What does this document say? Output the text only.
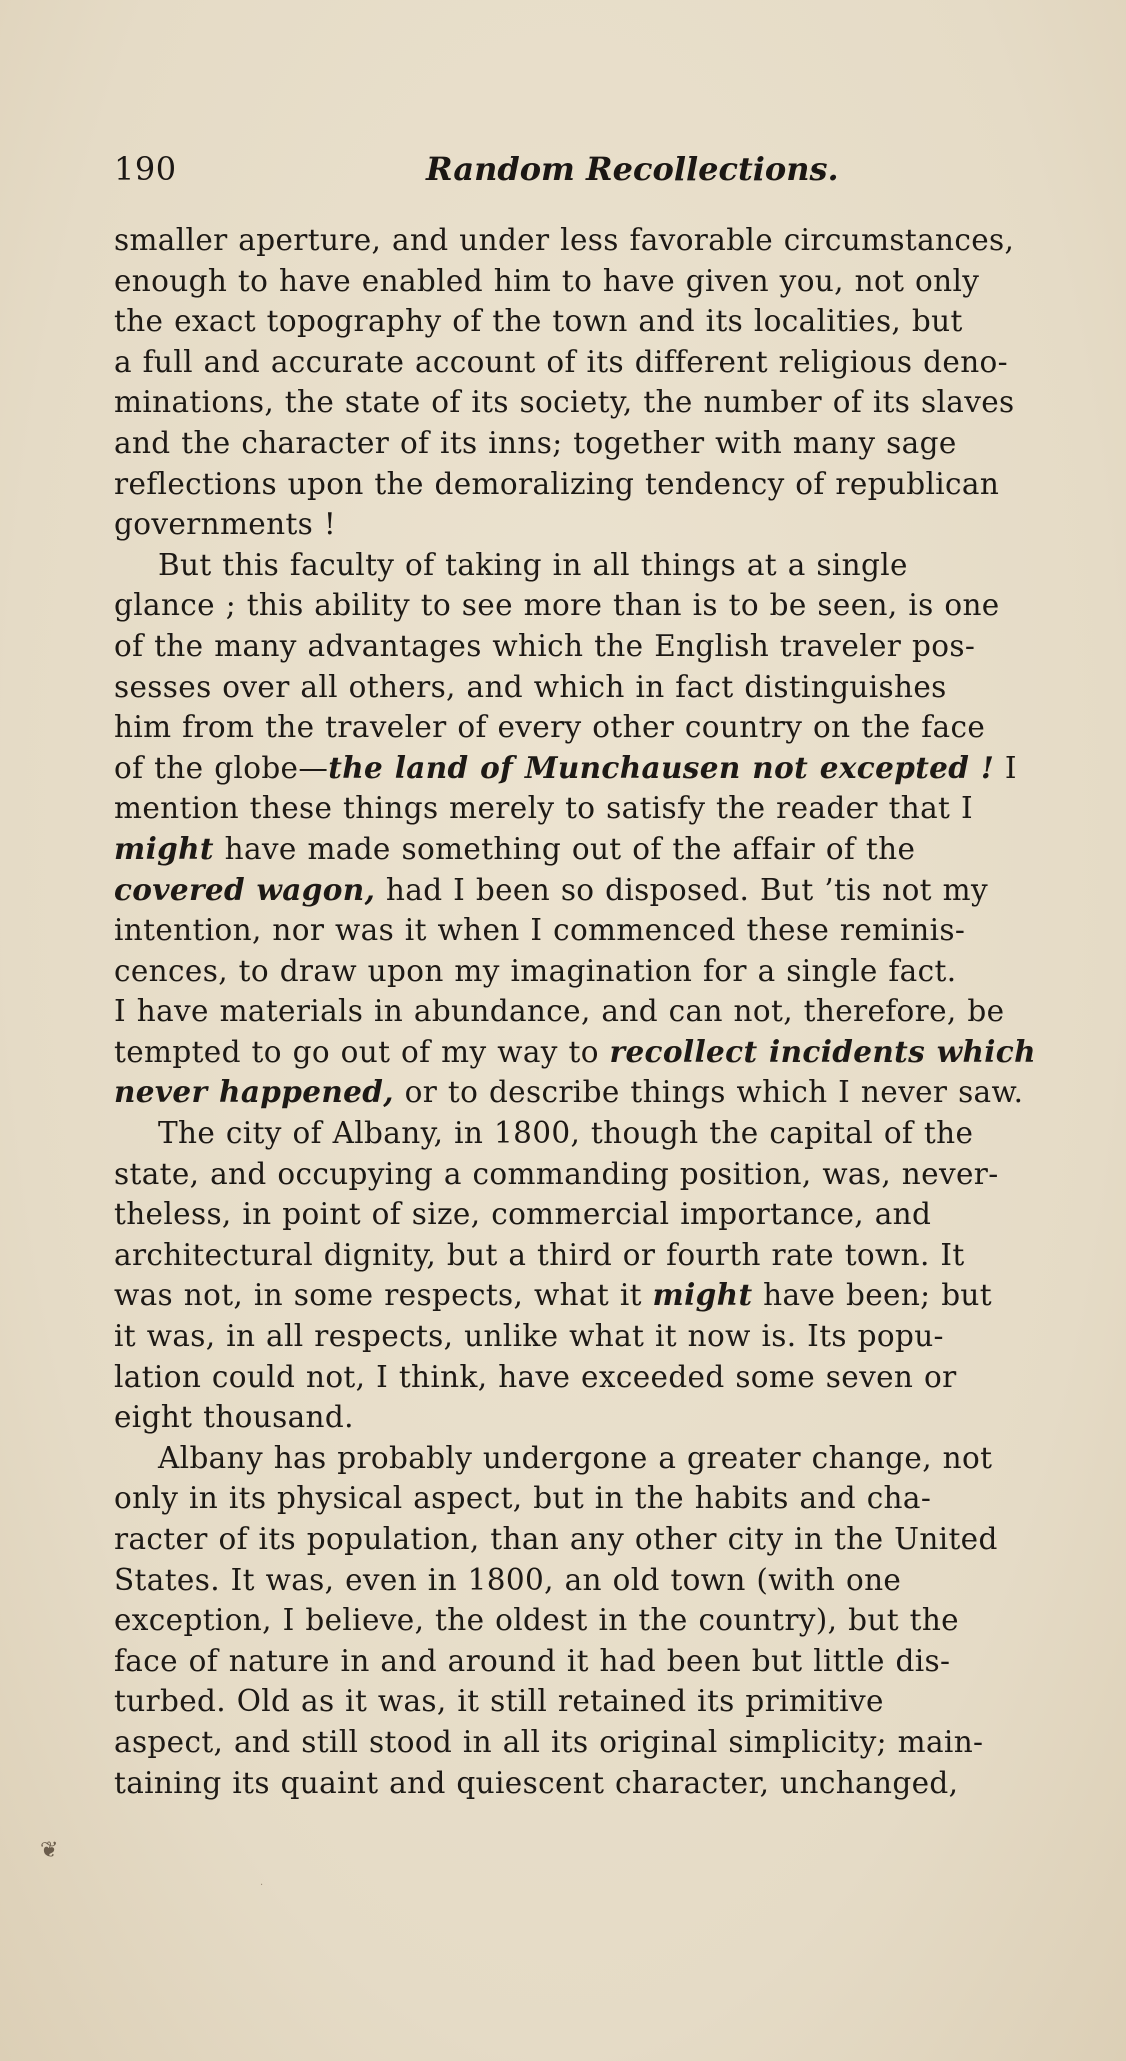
190	Random Recollections.
smaller aperture, and under less favorable circumstances,
enough to have enabled him to have given you, not only
the exact topography of the town and its localities, but
a full and accurate account of its different religious deno-
minations, the state of its society, the number of its slaves
and the character of its inns; together with many sage
reflections upon the demoralizing tendency of republican
governments !
But this faculty of taking in all things at a single
glance ; this ability to see more than is to be seen, is one
of the many advantages which the English traveler pos-
sesses over all others, and which in fact distinguishes
him from the traveler of every other country on the face
of the globe—the land of Munchausen not excepted ! I
mention these things merely to satisfy the reader that I
might have made something out of the affair of the
covered wagon, had I been so disposed. But ’tis not my
intention, nor was it when I commenced these reminis-
cences, to draw upon my imagination for a single fact.
I have materials in abundance, and can not, therefore, be
tempted to go out of my way to recollect incidents which
never happened, or to describe things which I never saw.
The city of Albany, in 1800, though the capital of the
state, and occupying a commanding position, was, never-
theless, in point of size, commercial importance, and
architectural dignity, but a third or fourth rate town. It
was not, in some respects, what it might have been; but
it was, in all respects, unlike what it now is. Its popu-
lation could not, I think, have exceeded some seven or
eight thousand.
Albany has probably undergone a greater change, not
only in its physical aspect, but in the habits and cha-
racter of its population, than any other city in the United
States. It was, even in 1800, an old town (with one
exception, I believe, the oldest in the country), but the
face of nature in and around it had been but little dis-
turbed. Old as it was, it still retained its primitive
aspect, and still stood in all its original simplicity; main-
taining its quaint and quiescent character, unchanged,
❦
·
